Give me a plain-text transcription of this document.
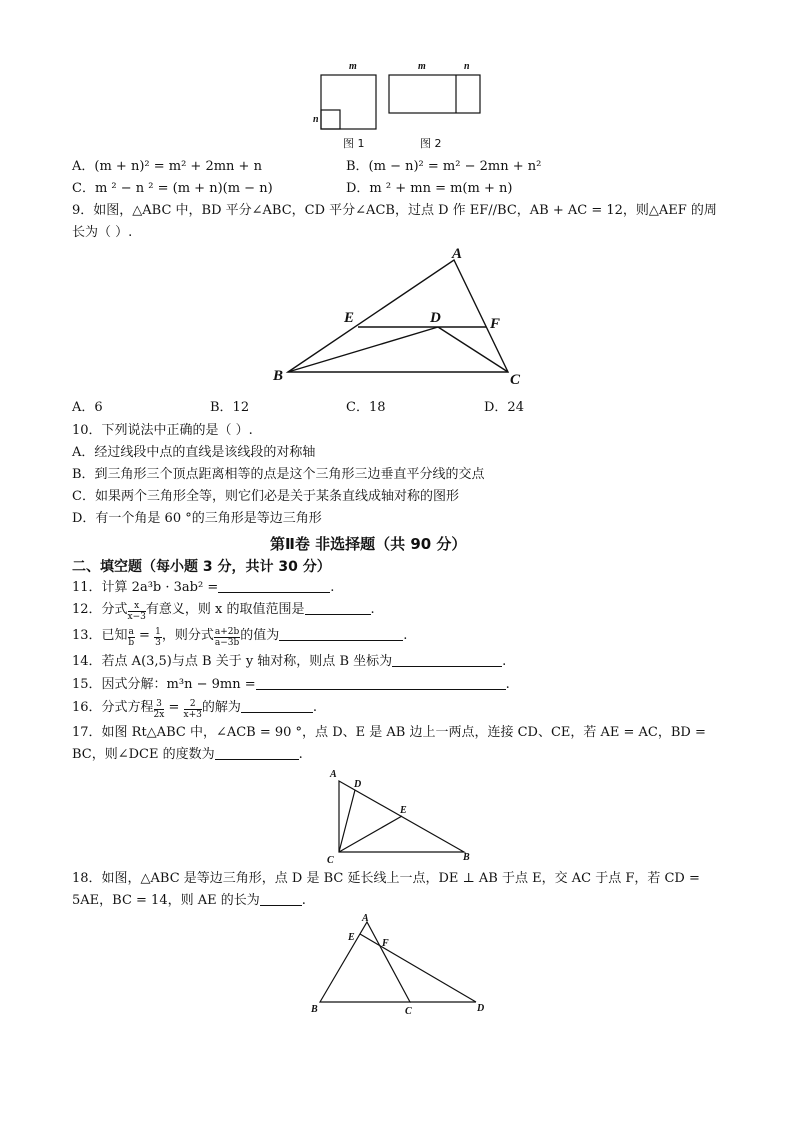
m
n
m	n
图 1	图 2
A．(m + n)² = m² + 2mn + n	B．(m − n)² = m² − 2mn + n²
C．m ² − n ² = (m + n)(m − n)	D．m ² + mn = m(m + n)
9．如图，△ABC 中，BD 平分∠ABC，CD 平分∠ACB，过点 D 作 EF//BC，AB + AC = 12，则△AEF 的周
长为（ ）.
A
E	D	F
B	C
A．6	B．12	C．18	D．24
10．下列说法中正确的是（ ）.
A．经过线段中点的直线是该线段的对称轴
B．到三角形三个顶点距离相等的点是这个三角形三边垂直平分线的交点
C．如果两个三角形全等，则它们必是关于某条直线成轴对称的图形
D．有一个角是 60 °的三角形是等边三角形
第Ⅱ卷 非选择题（共 90 分）
二、填空题（每小题 3 分，共计 30 分）
11．计算 2a³b · 3ab² =	.
12．分式 $\frac{x}{x-3}$ 有意义，则 x 的取值范围是	.
13．已知 $\frac{a}{b} = \frac{1}{3}$ ，则分式 $\frac{a+2b}{a-3b}$ 的值为	.
14．若点 A(3,5)与点 B 关于 y 轴对称，则点 B 坐标为	.
15．因式分解：m³n − 9mn =	.
16．分式方程 $\frac{3}{2x} = \frac{2}{x+3}$ 的解为	.
17．如图 Rt△ABC 中，∠ACB = 90 °，点 D、E 是 AB 边上一两点，连接 CD、CE，若 AE = AC，BD =
BC，则∠DCE 的度数为	.
A
D
E
C	B
18．如图，△ABC 是等边三角形，点 D 是 BC 延长线上一点，DE ⊥ AB 于点 E，交 AC 于点 F，若 CD =
5AE，BC = 14，则 AE 的长为	.
A
E
F
B	C	D
